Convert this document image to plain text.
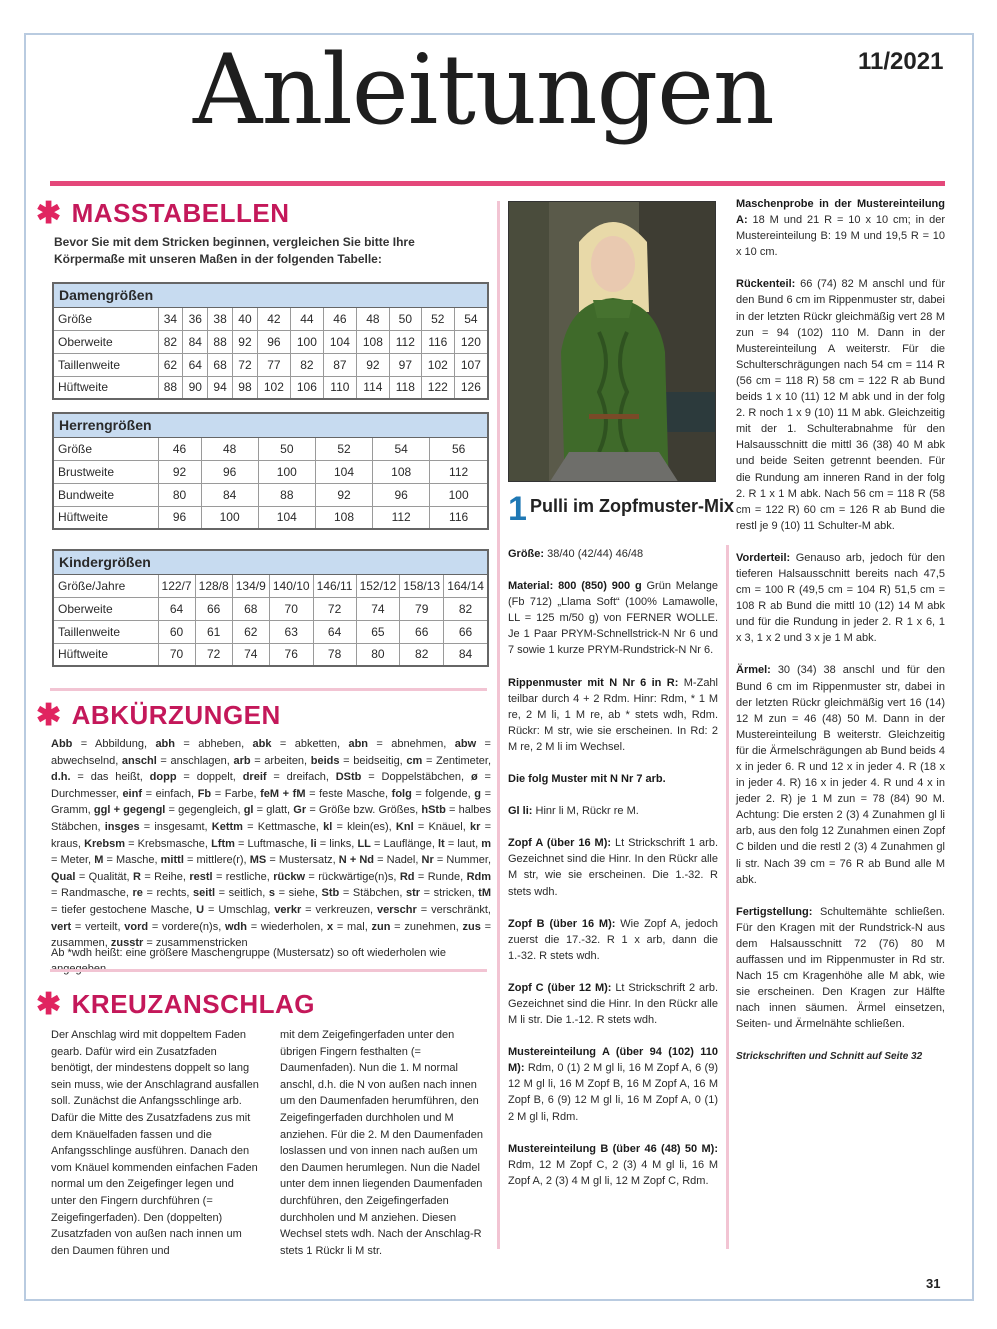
Anleitungen	11/2021
✱ MASSTABELLEN
Bevor Sie mit dem Stricken beginnen, vergleichen Sie bitte Ihre Körpermaße mit unseren Maßen in der folgenden Tabelle:
Damengrößen											
Größe	34	36	38	40	42	44	46	48	50	52	54
Oberweite	82	84	88	92	96	100	104	108	112	116	120
Taillenweite	62	64	68	72	77	82	87	92	97	102	107
Hüftweite	88	90	94	98	102	106	110	114	118	122	126
Herrengrößen						
Größe	46	48	50	52	54	56
Brustweite	92	96	100	104	108	112
Bundweite	80	84	88	92	96	100
Hüftweite	96	100	104	108	112	116
Kindergrößen								
Größe/Jahre	122/7	128/8	134/9	140/10	146/11	152/12	158/13	164/14
Oberweite	64	66	68	70	72	74	79	82
Taillenweite	60	61	62	63	64	65	66	66
Hüftweite	70	72	74	76	78	80	82	84
✱ ABKÜRZUNGEN
Abb = Abbildung, abh = abheben, abk = abketten, abn = abnehmen, abw = abwechselnd, anschl = anschlagen, arb = arbeiten, beids = beidseitig, cm = Zentimeter, d.h. = das heißt, dopp = doppelt, dreif = dreifach, DStb = Doppelstäbchen, ø = Durchmesser, einf = einfach, Fb = Farbe, feM + fM = feste Masche, folg = folgende, g = Gramm, ggl + gegengl = gegengleich, gl = glatt, Gr = Größe bzw. Größes, hStb = halbes Stäbchen, insges = insgesamt, Kettm = Kettmasche, kl = klein(es), Knl = Knäuel, kr = kraus, Krebsm = Krebsmasche, Lftm = Luftmasche, li = links, LL = Lauflänge, lt = laut, m = Meter, M = Masche, mittl = mittlere(r), MS = Mustersatz, N + Nd = Nadel, Nr = Nummer, Qual = Qualität, R = Reihe, restl = restliche, rückw = rückwärtige(n)s, Rd = Runde, Rdm = Randmasche, re = rechts, seitl = seitlich, s = siehe, Stb = Stäbchen, str = stricken, tM = tiefer gestochene Masche, U = Umschlag, verkr = verkreuzen, verschr = verschränkt, vert = verteilt, vord = vordere(n)s, wdh = wiederholen, x = mal, zun = zunehmen, zus = zusammen, zusstr = zusammenstricken
Ab *wdh heißt: eine größere Maschengruppe (Mustersatz) so oft wiederholen wie
✱ KREUZANSCHLAG
Der Anschlag wird mit doppeltem Faden gearb. Dafür wird ein Zusatzfaden benötigt, der mindestens doppelt so lang sein muss, wie der Anschlagrand ausfallen soll. Zunächst die Anfangsschlinge arb. Dafür die Mitte des Zusatzfadens zus mit dem Knäuelfaden fassen und die Anfangsschlinge ausführen. Danach den vom Knäuel kommenden einfachen Faden normal um den Zeigefinger legen und unter den Fingern durchführen (= Zeigefingerfaden). Den (doppelten) Zusatzfaden von außen nach innen um den Daumen führen und
mit dem Zeigefingerfaden unter den übrigen Fingern festhalten (= Daumenfaden). Nun die 1. M normal anschl, d.h. die N von außen nach innen um den Daumenfaden herumführen, den Zeigefingerfaden durchholen und M anziehen. Für die 2. M den Daumenfaden loslassen und von innen nach außen um den Daumen herumlegen. Nun die Nadel unter dem innen liegenden Daumenfaden durchführen, den Zeigefingerfaden durchholen und M anziehen. Diesen Wechsel stets wdh. Nach der Anschlag-R stets 1 Rückr li M str.
1 Pulli im Zopfmuster-Mix

Größe: 38/40 (42/44) 46/48

Material: 800 (850) 900 g Grün Melange (Fb 712) „Llama Soft“ (100% Lamawolle, LL = 125 m/50 g) von FERNER WOLLE. Je 1 Paar PRYM-Schnellstrick-N Nr 6 und 7 sowie 1 kurze PRYM-Rundstrick-N Nr 6.

Rippenmuster mit N Nr 6 in R: M-Zahl teilbar durch 4 + 2 Rdm. Hinr: Rdm, * 1 M re, 2 M li, 1 M re, ab * stets wdh, Rdm. Rückr: M str, wie sie erscheinen. In Rd: 2 M re, 2 M li im Wechsel.

Die folg Muster mit N Nr 7 arb.

Gl li: Hinr li M, Rückr re M.

Zopf A (über 16 M): Lt Strickschrift 1 arb. Gezeichnet sind die Hinr. In den Rückr alle M str, wie sie erscheinen. Die 1.-32. R stets wdh.

Zopf B (über 16 M): Wie Zopf A, jedoch zuerst die 17.-32. R 1 x arb, dann die 1.-32. R stets wdh.

Zopf C (über 12 M): Lt Strickschrift 2 arb. Gezeichnet sind die Hinr. In den Rückr alle M li str. Die 1.-12. R stets wdh.

Mustereinteilung A (über 94 (102) 110 M): Rdm, 0 (1) 2 M gl li, 16 M Zopf A, 6 (9) 12 M gl li, 16 M Zopf B, 16 M Zopf A, 16 M Zopf B, 6 (9) 12 M gl li, 16 M Zopf A, 0 (1) 2 M gl li, Rdm.

Mustereinteilung B (über 46 (48) 50 M): Rdm, 12 M Zopf C, 2 (3) 4 M gl li, 16 M Zopf A, 2 (3) 4 M gl li, 12 M Zopf C, Rdm.

Maschenprobe in der Mustereinteilung A: 18 M und 21 R = 10 x 10 cm; in der Mustereinteilung B: 19 M und 19,5 R = 10 x 10 cm.

Rückenteil: 66 (74) 82 M anschl und für den Bund 6 cm im Rippenmuster str, dabei in der letzten Rückr gleichmäßig vert 28 M zun = 94 (102) 110 M. Dann in der Mustereinteilung A weiterstr. Für die Schulterschrägungen nach 54 cm = 114 R (56 cm = 118 R) 58 cm = 122 R ab Bund beids 1 x 10 (11) 12 M abk und in der folg 2. R noch 1 x 9 (10) 11 M abk. Gleichzeitig mit der 1. Schulterabnahme für den Halsausschnitt die mittl 36 (38) 40 M abk und beide Seiten getrennt beenden. Für die Rundung am inneren Rand in der folg 2. R 1 x 1 M abk. Nach 56 cm = 118 R (58 cm = 122 R) 60 cm = 126 R ab Bund die restl je 9 (10) 11 Schulter-M abk.

Vorderteil: Genauso arb, jedoch für den tieferen Halsausschnitt bereits nach 47,5 cm = 100 R (49,5 cm = 104 R) 51,5 cm = 108 R ab Bund die mittl 10 (12) 14 M abk und für die Rundung in jeder 2. R 1 x 6, 1 x 3, 1 x 2 und 3 x je 1 M abk.

Ärmel: 30 (34) 38 anschl und für den Bund 6 cm im Rippenmuster str, dabei in der letzten Rückr gleichmäßig vert 16 (14) 12 M zun = 46 (48) 50 M. Dann in der Mustereinteilung B weiterstr. Gleichzeitig für die Ärmelschrägungen ab Bund beids 4 x in jeder 6. R und 12 x in jeder 4. R (18 x in jeder 4. R) 16 x in jeder 4. R und 4 x in jeder 2. R) je 1 M zun = 78 (84) 90 M. Achtung: Die ersten 2 (3) 4 Zunahmen gl li arb, aus den folg 12 Zunahmen einen Zopf C bilden und die restl 2 (3) 4 Zunahmen gl li str. Nach 39 cm = 76 R ab Bund alle M abk.

Fertigstellung: Schultemähte schließen. Für den Kragen mit der Rundstrick-N aus dem Halsausschnitt 72 (76) 80 M auffassen und im Rippenmuster in Rd str. Nach 15 cm Kragenhöhe alle M abk, wie sie erscheinen. Den Kragen zur Hälfte nach innen säumen. Ärmel einsetzen, Seiten- und Ärmelnähte schließen.

Strickschriften und Schnitt auf Seite 32

31
